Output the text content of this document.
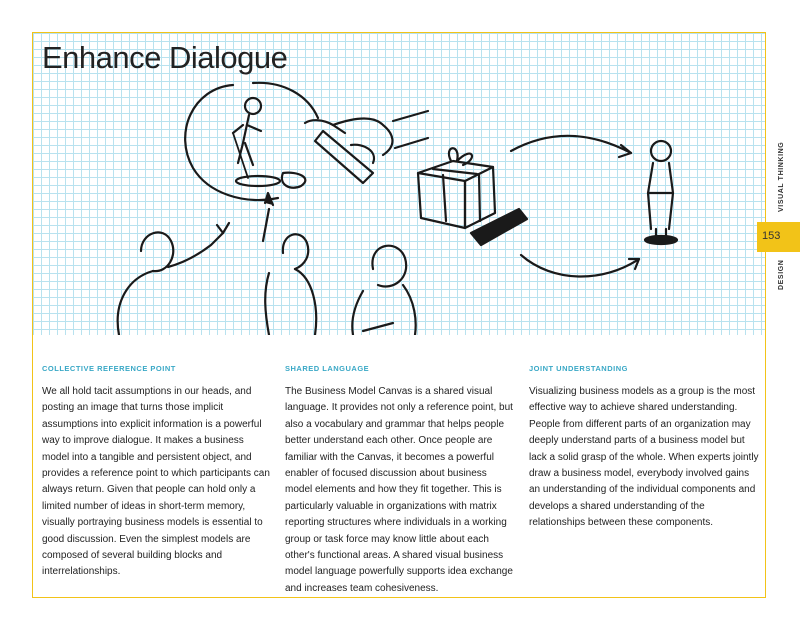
Enhance Dialogue
VISUAL THINKING
153
DESIGN
COLLECTIVE REFERENCE POINT

We all hold tacit assumptions in our heads, and posting an image that turns those implicit assumptions into explicit information is a powerful way to improve dialogue. It makes a business model into a tangible and persistent object, and provides a reference point to which participants can always return. Given that people can hold only a limited number of ideas in short-term memory, visually portraying business models is essential to good discussion. Even the simplest models are composed of several building blocks and interrelationships.

SHARED LANGUAGE

The Business Model Canvas is a shared visual language. It provides not only a reference point, but also a vocabulary and grammar that helps people better understand each other. Once people are familiar with the Canvas, it becomes a powerful enabler of focused discussion about business model elements and how they fit together. This is particularly valuable in organizations with matrix reporting structures where individuals in a working group or task force may know little about each other's functional areas. A shared visual business model language powerfully supports idea exchange and increases team cohesiveness.

JOINT UNDERSTANDING

Visualizing business models as a group is the most effective way to achieve shared understanding. People from different parts of an organization may deeply understand parts of a business model but lack a solid grasp of the whole. When experts jointly draw a business model, everybody involved gains an understanding of the individual components and develops a shared understanding of the relationships between these components.
